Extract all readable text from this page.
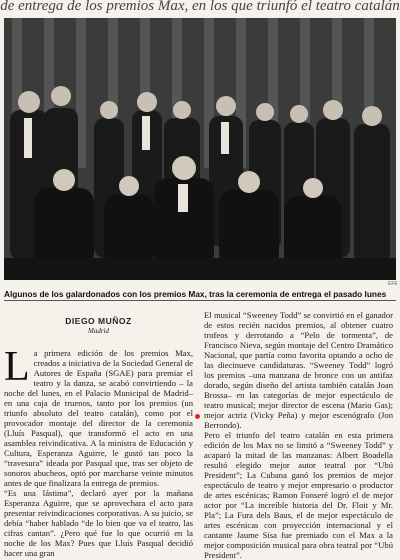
de entrega de los premios Max, en los que triunfó el teatro catalán
EFE
Algunos de los galardonados con los premios Max, tras la ceremonia de entrega el pasado lunes
DIEGO MUÑOZ
Madrid
L a primera edición de los premios Max, creados a iniciativa de la Sociedad General de Autores de España (SGAE) para premiar el teatro y la danza, se acabó convirtiendo – la noche del lunes, en el Palacio Municipal de Madrid– en una caja de truenos, tanto por los premios (un triunfo absoluto del teatro catalán), como por el provocador montaje del director de la ceremonia (Lluís Pasqual), que transformó el acto en una asamblea reivindicativa. A la ministra de Educación y Cultura, Esperanza Aguirre, le gustó tan poco la “travesura” ideada por Pasqual que, tras ser objeto de sonoros abucheos, optó por marcharse veinte minutos antes de que finalizara la entrega de premios.

“Es una lástima”, declaró ayer por la mañana Esperanza Aguirre, que se aprovechara el acto para presentar reivindicaciones corporativas. A su juicio, se debía “haber hablado “de lo bien que va el teatro, las cifras cantan”. ¿Pero qué fue lo que ocurrió en la noche de los Max? Pues que Lluís Pasqual decidió hacer una gran

El musical “Sweeney Todd” se convirtió en el ganador de estos recién nacidos premios, al obtener cuatro trofeos y derrotando a “Pelo de tormenta”, de Francisco Nieva, según montaje del Centro Dramático Nacional, que partía como favorita optando a ocho de las diecinueve candidaturas. “Sweeney Todd” logró los premios –una manzana de bronce con un antifaz dorado, según diseño del artista también catalán Joan Brossa– en las categorías de mejor espectáculo de teatro musical; mejor director de escena (Mario Gas); mejor actriz (Vicky Peña) y mejor escenógrafo (Jon Berrondo).

Pero el triunfo del teatro catalán en esta primera edición de los Max no se limitó a “Sweeney Todd” y acaparó la mitad de las manzanas: Albert Boadella resultó elegido mejor autor teatral por “Ubú President”; La Cubana ganó los premios de mejor espectáculo de teatro y mejor empresario o productor de artes escénicas; Ramon Fonseré logró el de mejor actor por “La increíble historia del Dr. Floit y Mr. Pla”; La Fura dels Baus, el de mejor espectáculo de artes escénicas con proyección internacional y el cantante Jaume Sisa fue premiado con el Max a la mejor composición musical para obra teatral por “Ubú President”.
